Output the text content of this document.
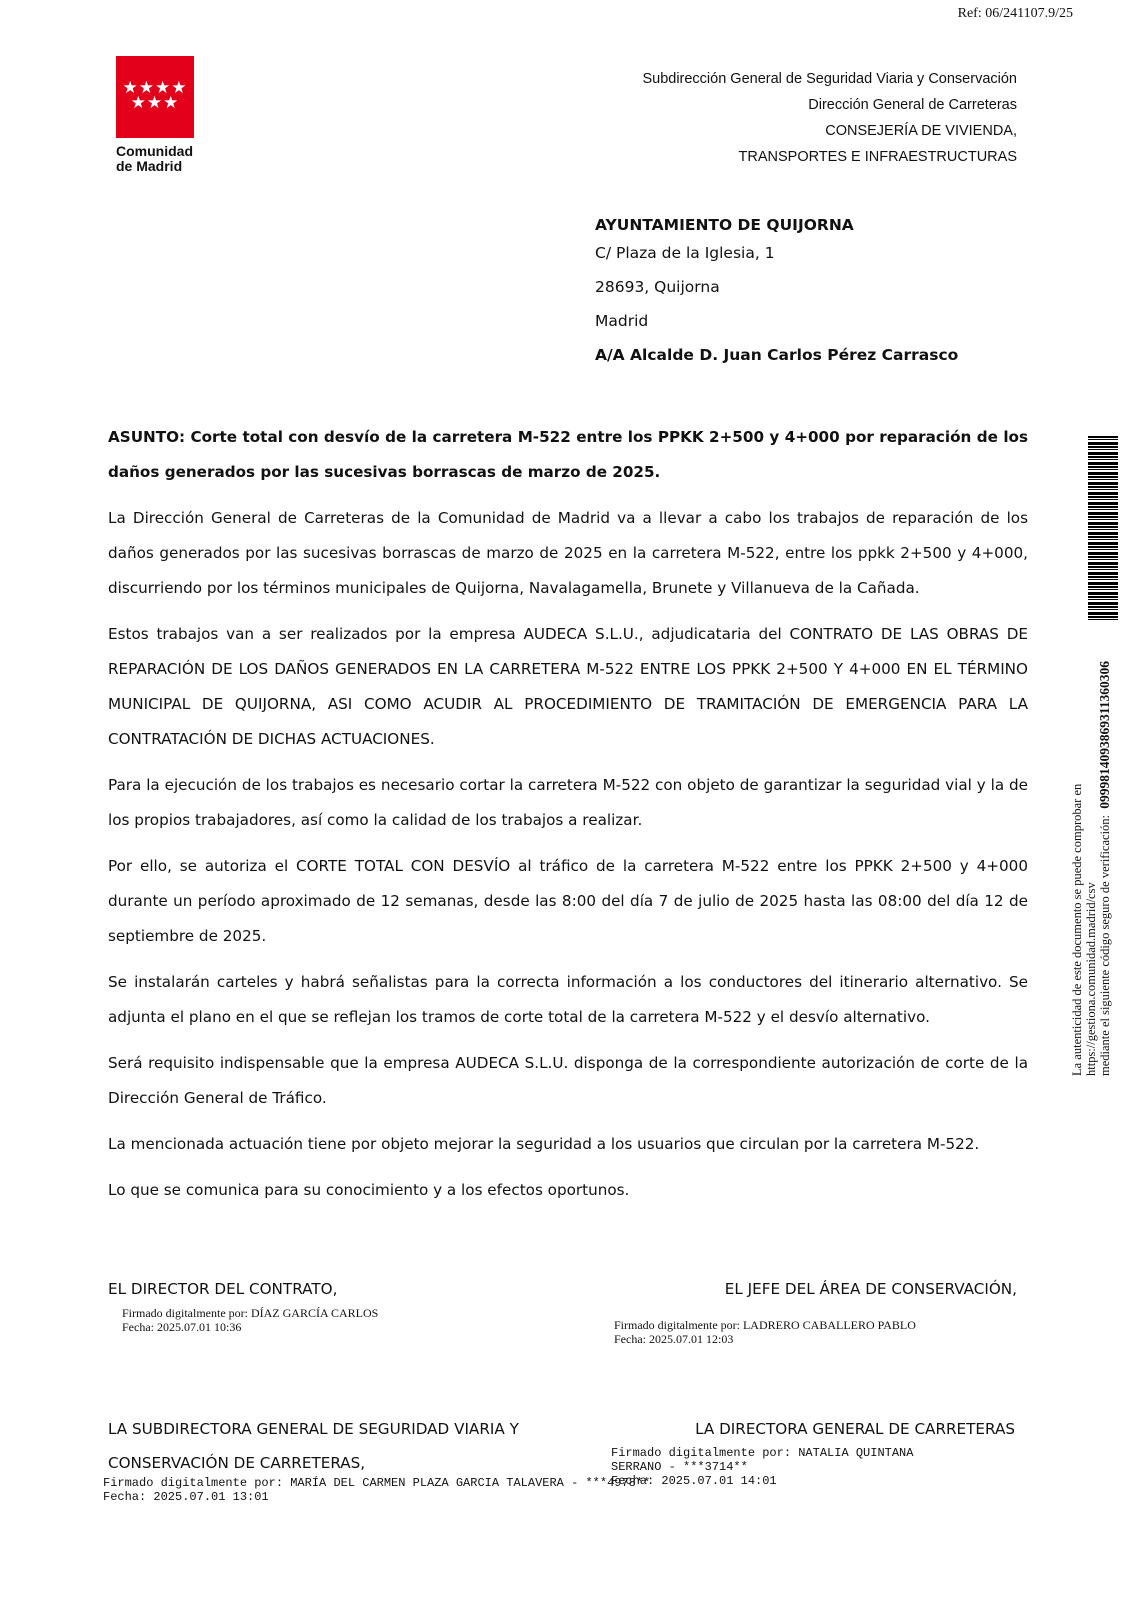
Ref: 06/241107.9/25
★★★★
★★★
Comunidad
de Madrid
Subdirección General de Seguridad Viaria y Conservación
Dirección General de Carreteras
CONSEJERÍA DE VIVIENDA,
TRANSPORTES E INFRAESTRUCTURAS
AYUNTAMIENTO DE QUIJORNA
C/ Plaza de la Iglesia, 1
28693, Quijorna
Madrid
A/A Alcalde D. Juan Carlos Pérez Carrasco

ASUNTO: Corte total con desvío de la carretera M-522 entre los PPKK 2+500 y 4+000 por reparación de los daños generados por las sucesivas borrascas de marzo de 2025.

La Dirección General de Carreteras de la Comunidad de Madrid va a llevar a cabo los trabajos de reparación de los daños generados por las sucesivas borrascas de marzo de 2025 en la carretera M-522, entre los ppkk 2+500 y 4+000, discurriendo por los términos municipales de Quijorna, Navalagamella, Brunete y Villanueva de la Cañada.

Estos trabajos van a ser realizados por la empresa AUDECA S.L.U., adjudicataria del CONTRATO DE LAS OBRAS DE REPARACIÓN DE LOS DAÑOS GENERADOS EN LA CARRETERA M-522 ENTRE LOS PPKK 2+500 Y 4+000 EN EL TÉRMINO MUNICIPAL DE QUIJORNA, ASI COMO ACUDIR AL PROCEDIMIENTO DE TRAMITACIÓN DE EMERGENCIA PARA LA CONTRATACIÓN DE DICHAS ACTUACIONES.

Para la ejecución de los trabajos es necesario cortar la carretera M-522 con objeto de garantizar la seguridad vial y la de los propios trabajadores, así como la calidad de los trabajos a realizar.

Por ello, se autoriza el CORTE TOTAL CON DESVÍO al tráfico de la carretera M-522 entre los PPKK 2+500 y 4+000 durante un período aproximado de 12 semanas, desde las 8:00 del día 7 de julio de 2025 hasta las 08:00 del día 12 de septiembre de 2025.

Se instalarán carteles y habrá señalistas para la correcta información a los conductores del itinerario alternativo. Se adjunta el plano en el que se reflejan los tramos de corte total de la carretera M-522 y el desvío alternativo.

Será requisito indispensable que la empresa AUDECA S.L.U. disponga de la correspondiente autorización de corte de la Dirección General de Tráfico.

La mencionada actuación tiene por objeto mejorar la seguridad a los usuarios que circulan por la carretera M-522.

Lo que se comunica para su conocimiento y a los efectos oportunos.

EL DIRECTOR DEL CONTRATO,
Firmado digitalmente por: DÍAZ GARCÍA CARLOS
Fecha: 2025.07.01 10:36
EL JEFE DEL ÁREA DE CONSERVACIÓN,
Firmado digitalmente por: LADRERO CABALLERO PABLO
Fecha: 2025.07.01 12:03
LA SUBDIRECTORA GENERAL DE SEGURIDAD VIARIA Y
CONSERVACIÓN DE CARRETERAS,
Firmado digitalmente por: MARÍA DEL CARMEN PLAZA GARCIA TALAVERA - ***4978**
Fecha: 2025.07.01 13:01
LA DIRECTORA GENERAL DE CARRETERAS
Firmado digitalmente por: NATALIA QUINTANA
SERRANO - ***3714**
Fecha: 2025.07.01 14:01
La autenticidad de este documento se puede comprobar en https://gestiona.comunidad.madrid/csv mediante el siguiente código seguro de verificación:  0999814093869311360306
